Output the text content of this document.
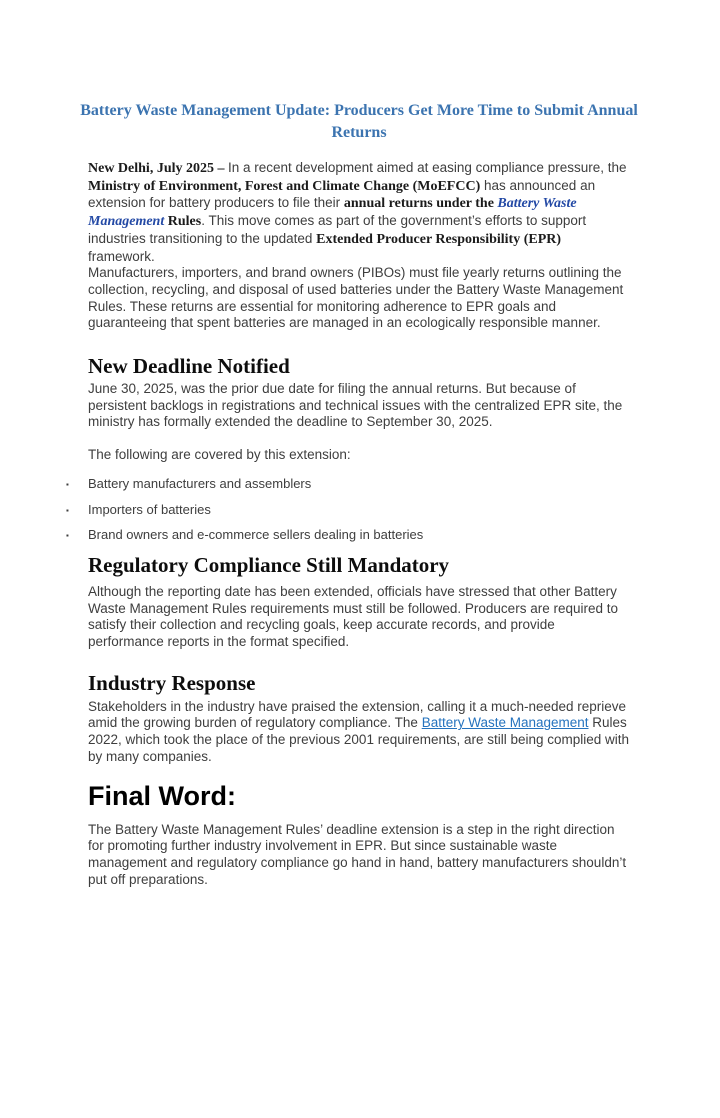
Battery Waste Management Update: Producers Get More Time to Submit Annual Returns

New Delhi, July 2025 – In a recent development aimed at easing compliance pressure, the Ministry of Environment, Forest and Climate Change (MoEFCC) has announced an extension for battery producers to file their annual returns under the Battery Waste Management Rules. This move comes as part of the government’s efforts to support industries transitioning to the updated Extended Producer Responsibility (EPR) framework.

Manufacturers, importers, and brand owners (PIBOs) must file yearly returns outlining the collection, recycling, and disposal of used batteries under the Battery Waste Management Rules. These returns are essential for monitoring adherence to EPR goals and guaranteeing that spent batteries are managed in an ecologically responsible manner.

New Deadline Notified

June 30, 2025, was the prior due date for filing the annual returns. But because of persistent backlogs in registrations and technical issues with the centralized EPR site, the ministry has formally extended the deadline to September 30, 2025.

The following are covered by this extension:

▪ Battery manufacturers and assemblers
▪ Importers of batteries
▪ Brand owners and e-commerce sellers dealing in batteries
Regulatory Compliance Still Mandatory

Although the reporting date has been extended, officials have stressed that other Battery Waste Management Rules requirements must still be followed. Producers are required to satisfy their collection and recycling goals, keep accurate records, and provide performance reports in the format specified.

Industry Response

Stakeholders in the industry have praised the extension, calling it a much-needed reprieve amid the growing burden of regulatory compliance. The Battery Waste Management Rules 2022, which took the place of the previous 2001 requirements, are still being complied with by many companies.

Final Word:

The Battery Waste Management Rules’ deadline extension is a step in the right direction for promoting further industry involvement in EPR. But since sustainable waste management and regulatory compliance go hand in hand, battery manufacturers shouldn’t put off preparations.
